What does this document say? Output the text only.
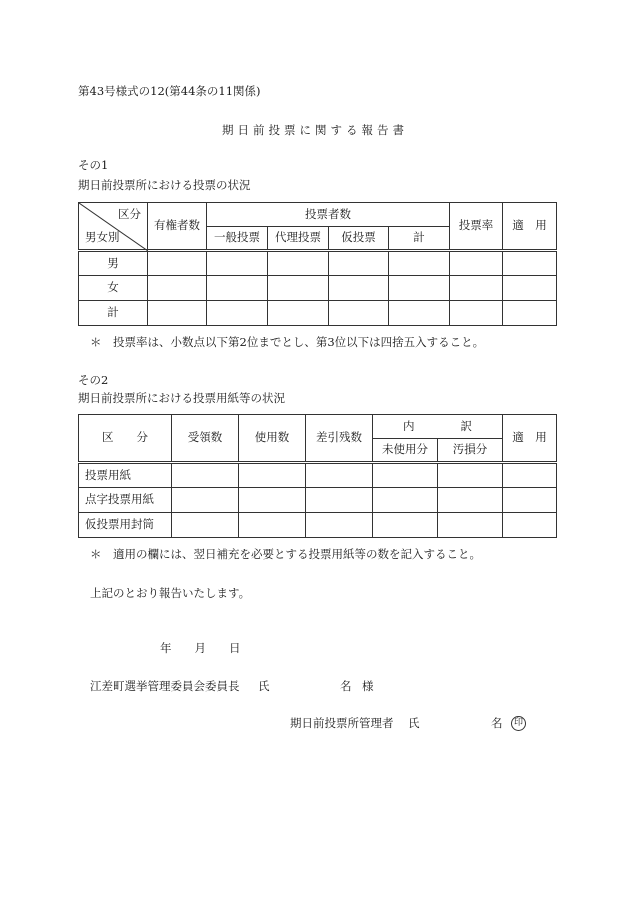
第43号様式の12(第44条の11関係)
期日前投票に関する報告書
その1
期日前投票所における投票の状況
区分
男女別	有権者数	投票者数				投票率	適　用
		一般投票	代理投票	仮投票	計		
男							
女							
計							
＊　投票率は、小数点以下第2位までとし、第3位以下は四捨五入すること。
その2
期日前投票所における投票用紙等の状況
区　　分	受領数	使用数	差引残数	内　　　　訳		適　用
				未使用分	汚損分	
投票用紙						
点字投票用紙						
仮投票用封筒						
＊　適用の欄には、翌日補充を必要とする投票用紙等の数を記入すること。
上記のとおり報告いたします。
年　　月　　日
江差町選挙管理委員会委員長 氏	名 様
期日前投票所管理者 氏	名	印
